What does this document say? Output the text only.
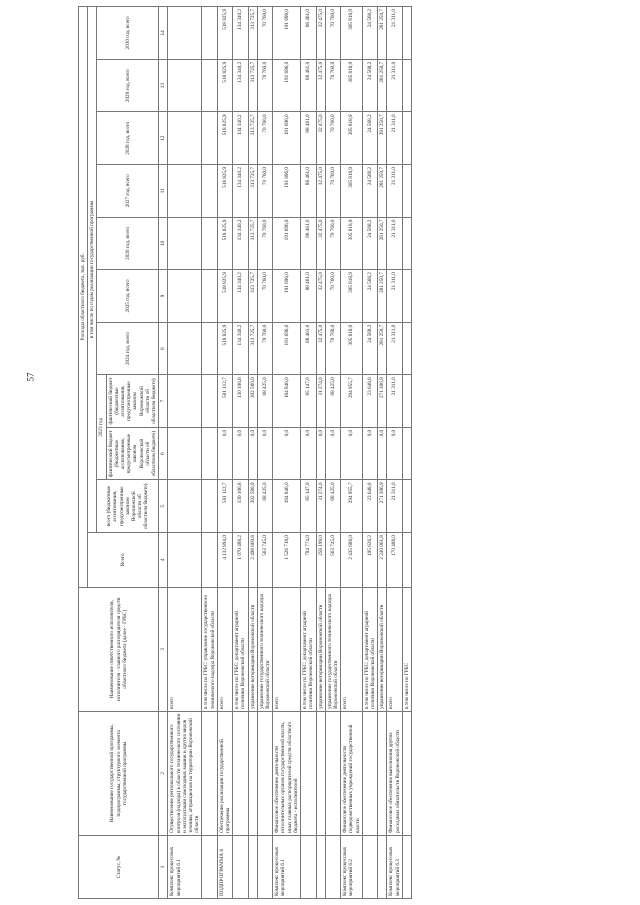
57
Статус, №	Наименование государственной программы, подпрограммы, структурного элемента государственной программы	Наименование ответственного исполнителя, исполнителя - главного распорядителя средств областного бюджета (далее - ГРБС)	Расходы областного бюджета, тыс. руб.										
			Всего	в том числе по годам реализации государственной программы									
				всего (бюджетные ассигнования, предусмотренные законом Воронежской области об областном бюджете)	2023 год		2024 год, всего	2025 год, всего	2026 год, всего	2027 год, всего	2028 год, всего	2029 год, всего	2030 год, всего
					фактический бюджет (бюджетные ассигнования, предусмотренные законом Воронежской области об областном бюджете)	фактический бюджет (бюджетные ассигнования, предусмотренные законом Воронежской области об областном бюджете)							
1	2	3	4	5	6	7	8	9	10	11	12	13	14
Комплекс процессных мероприятий 6.1	Осуществление регионального государственного контроля (надзора) в области технического состояния и эксплуатации самоходных машин и других видов техники, аттракционов на территории Воронежской области	всего											
		в том числе по ГРБС: управление государственного технического надзора Воронежской области											
ПОДПРОГРАММА 6	Обеспечение реализации государственной программы	всего	4 132 894,0	501 112,7	0,0	501 112,7	518 825,9	518 825,9	518 825,9	518 825,9	518 825,9	518 825,9	518 825,9
		в том числе по ГРБС: департамент аграрной политики Воронежской области	1 070 488,2	130 106,8	0,0	130 106,8	134 340,2	134 340,2	134 340,2	134 340,2	134 340,2	134 340,2	134 340,2
		управление ветеринарии Воронежской области	2 498 660,8	302 580,9	0,0	302 580,9	313 725,7	313 725,7	313 725,7	313 725,7	313 725,7	313 725,7	313 725,7
		управление государственного технического надзора Воронежской области	563 745,0	68 425,0	0,0	68 425,0	70 760,0	70 760,0	70 760,0	70 760,0	70 760,0	70 760,0	70 760,0
Комплекс процессных мероприятий 6.1	Финансовое обеспечение деятельности исполнительных органов государственной власти, иных главных распорядителей средств областного бюджета - исполнителей	всего	1 526 718,0	184 846,0	0,0	184 846,0	191 696,0	191 696,0	191 696,0	191 696,0	191 696,0	191 696,0	191 696,0
		в том числе по ГРБС: департамент аграрной политики Воронежской области	704 774,0	85 147,0	0,0	85 147,0	88 461,0	88 461,0	88 461,0	88 461,0	88 461,0	88 461,0	88 461,0
		управление ветеринарии Воронежской области	258 199,0	31 274,0	0,0	31 274,0	32 475,0	32 475,0	32 475,0	32 475,0	32 475,0	32 475,0	32 475,0
		управление государственного технического надзора Воронежской области	563 745,0	68 425,0	0,0	68 425,0	70 760,0	70 760,0	70 760,0	70 760,0	70 760,0	70 760,0	70 760,0
Комплекс процессных мероприятий 6.2	Финансовое обеспечение деятельности подведомственных учреждений государственной власти	всего	2 435 688,0	294 955,7	0,0	294 955,7	305 818,9	305 818,9	305 818,9	305 818,9	305 818,9	305 818,9	305 818,9
		в том числе по ГРБС: департамент аграрной политики Воронежской области	195 626,2	23 648,8	0,0	23 648,8	24 568,2	24 568,2	24 568,2	24 568,2	24 568,2	24 568,2	24 568,2
		управление ветеринарии Воронежской области	2 240 061,8	271 306,9	0,0	271 306,9	281 250,7	281 250,7	281 250,7	281 250,7	281 250,7	281 250,7	281 250,7
Комплекс процессных мероприятий 6.3	Финансовое обеспечение выполнения других расходных обязательств Воронежской области	всего	170 488,0	21 311,0	0,0	21 311,0	21 311,0	21 311,0	21 311,0	21 311,0	21 311,0	21 311,0	21 311,0
		в том числе по ГРБС											
